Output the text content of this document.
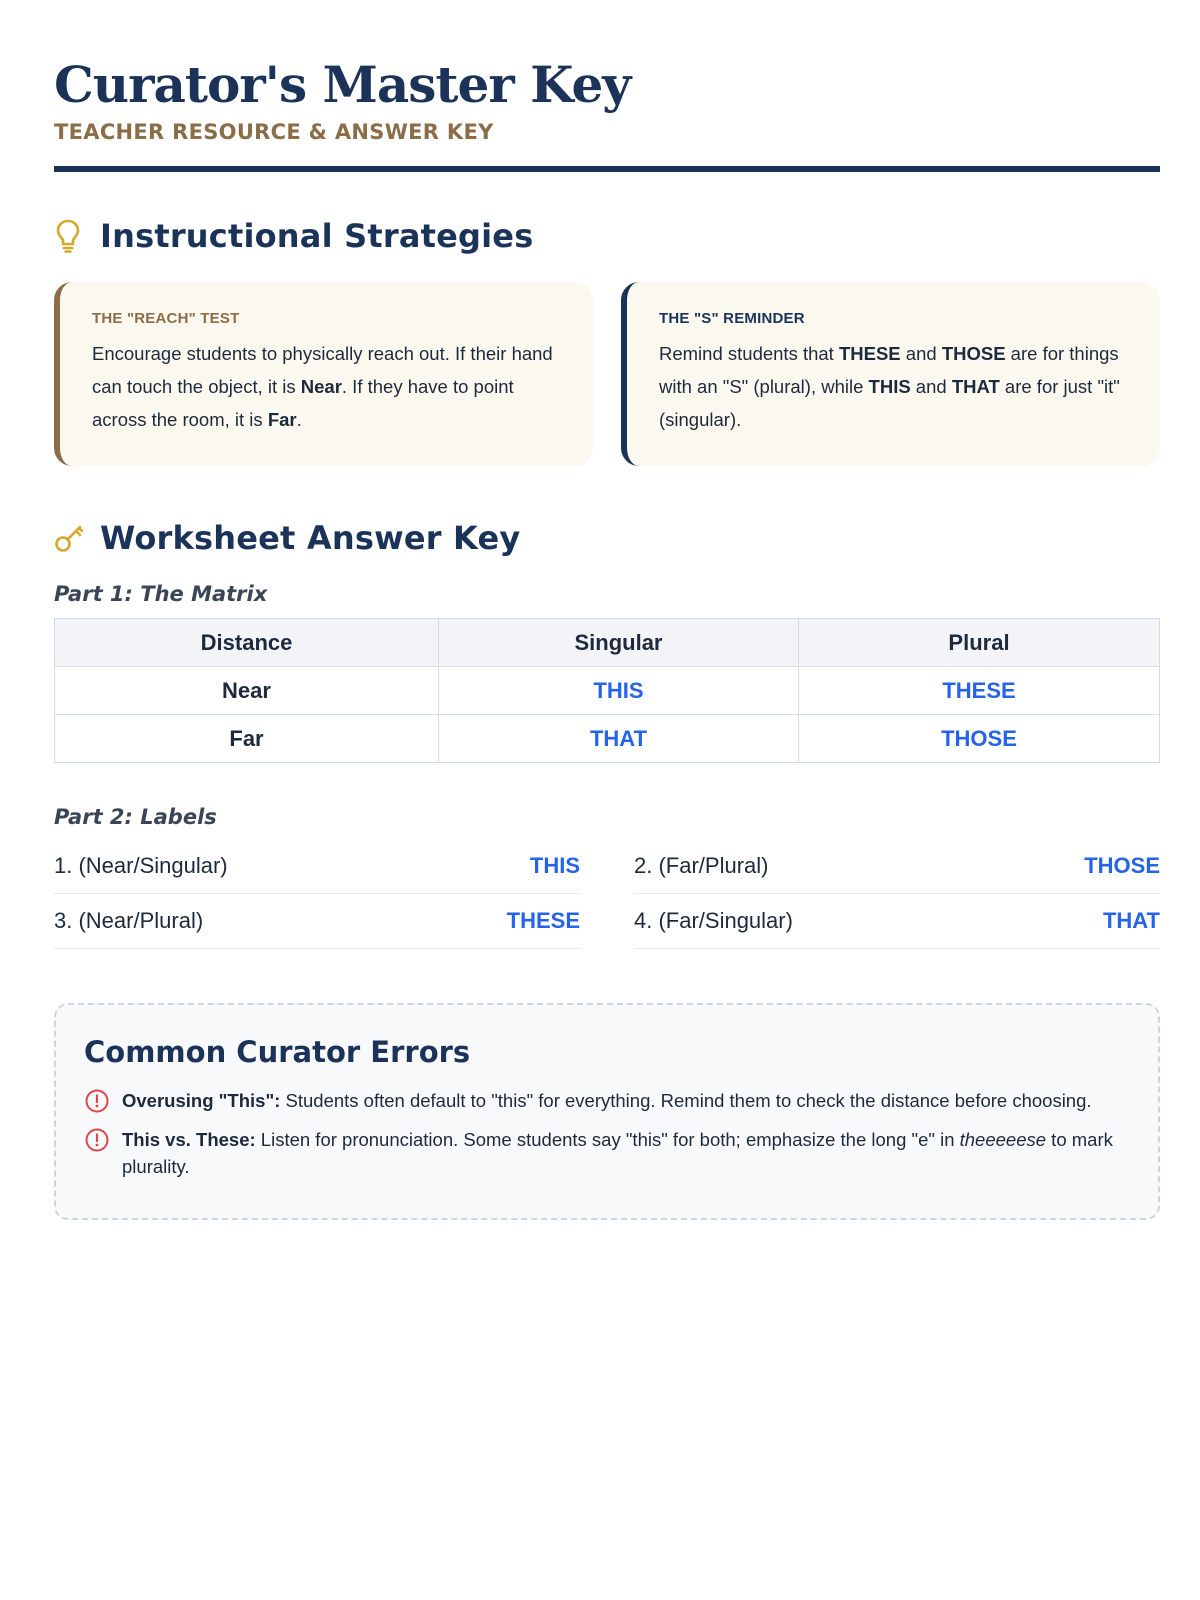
Curator's Master Key
TEACHER RESOURCE & ANSWER KEY
Instructional Strategies
THE "REACH" TEST
Encourage students to physically reach out. If their hand can touch the object, it is Near. If they have to point across the room, it is Far.
THE "S" REMINDER
Remind students that THESE and THOSE are for things with an "S" (plural), while THIS and THAT are for just "it" (singular).
Worksheet Answer Key
Part 1: The Matrix
Distance	Singular	Plural
Near	THIS	THESE
Far	THAT	THOSE
Part 2: Labels
1. (Near/Singular)	THIS 2. (Far/Plural)	THOSE
3. (Near/Plural)	THESE 4. (Far/Singular)	THAT
Common Curator Errors
Overusing "This": Students often default to "this" for everything. Remind them to check the distance before choosing.
This vs. These: Listen for pronunciation. Some students say "this" for both; emphasize the long "e" in theeeeese to mark plurality.
